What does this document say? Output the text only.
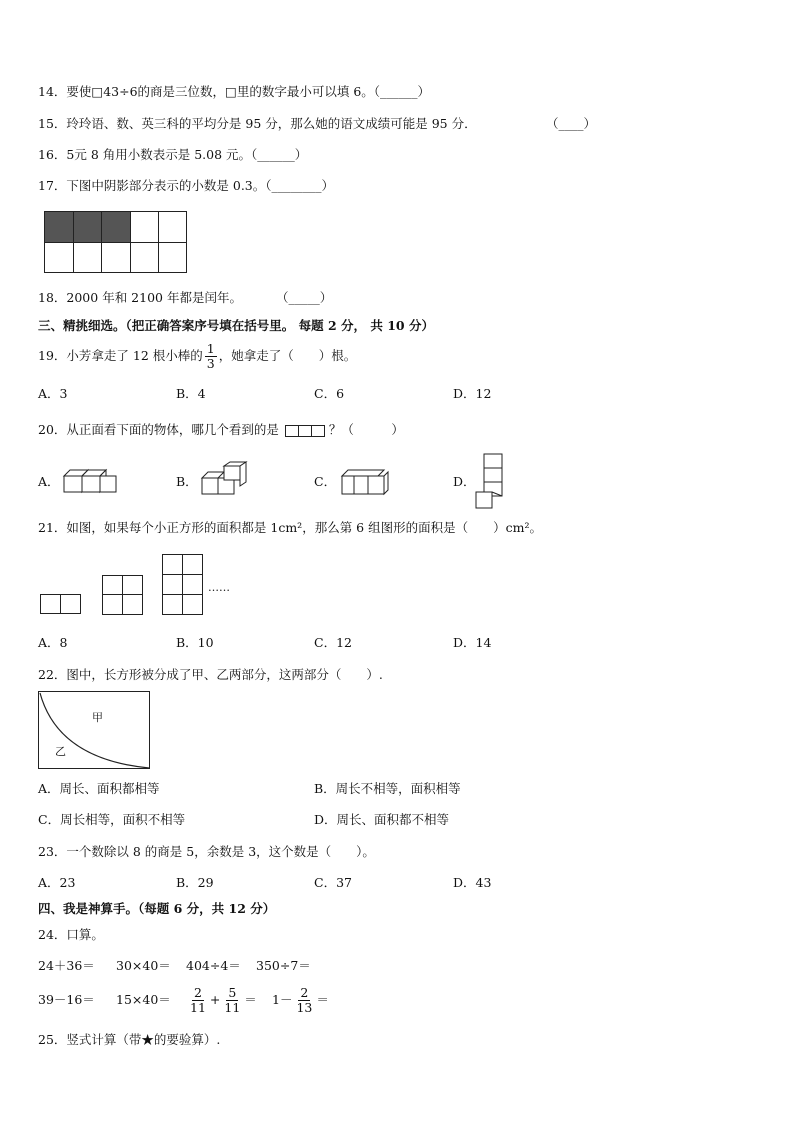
14．要使□43÷6的商是三位数，□里的数字最小可以填 6。（______）
15．玲玲语、数、英三科的平均分是 95 分，那么她的语文成绩可能是 95 分．	（____）
16．5元 8 角用小数表示是 5.08 元。（______）
17．下图中阴影部分表示的小数是 0.3。（________）
18．2000 年和 2100 年都是闰年。	（_____）
三、精挑细选。（把正确答案序号填在括号里。 每题 2 分， 共 10 分）
19．小芳拿走了 12 根小棒的 $\frac{1}{3}$ ，她拿走了（　　）根。
A．3	B．4	C．6	D．12
20．从正面看下面的物体，哪几个看到的是	？（　　　）
A．	B．	C．	D．
21．如图，如果每个小正方形的面积都是 1cm²，那么第 6 组图形的面积是（　　）cm²。
……
A．8	B．10	C．12	D．14
22．图中，长方形被分成了甲、乙两部分，这两部分（　　）.
甲
乙
A．周长、面积都相等	B．周长不相等，面积相等
C．周长相等，面积不相等	D．周长、面积都不相等
23．一个数除以 8 的商是 5，余数是 3，这个数是（　　）。
A．23	B．29	C．37	D．43
四、我是神算手。（每题 6 分，共 12 分）
24．口算。
24＋36＝ 30×40＝ 404÷4＝ 350÷7＝
$39-16= 15\times 40= \frac{2}{11} + \frac{5}{11} = 1- \frac{2}{13}$ ＝
25．竖式计算（带★的要验算）.
